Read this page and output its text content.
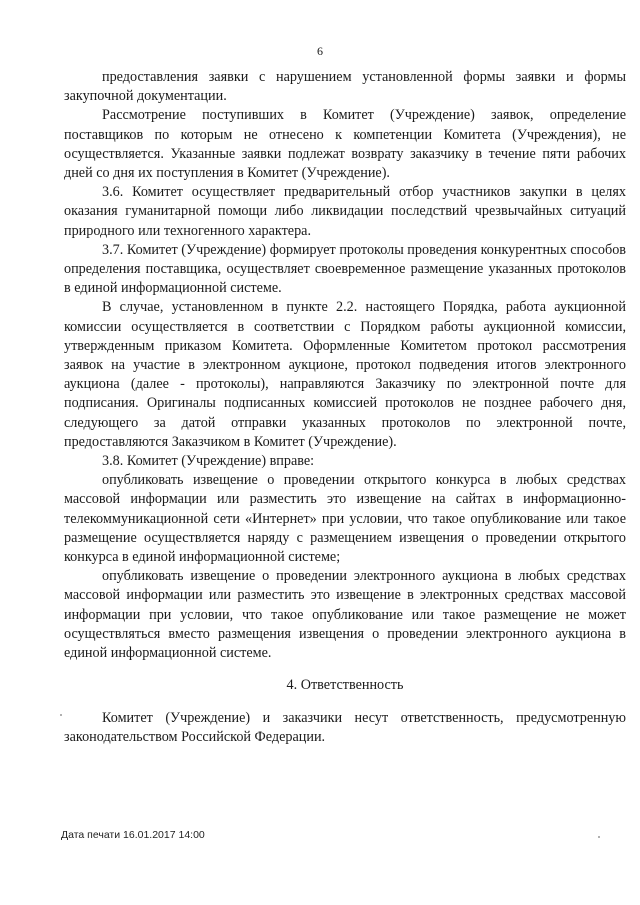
6

предоставления заявки с нарушением установленной формы заявки и формы закупочной документации.

Рассмотрение поступивших в Комитет (Учреждение) заявок, определение поставщиков по которым не отнесено к компетенции Комитета (Учреждения), не осуществляется. Указанные заявки подлежат возврату заказчику в течение пяти рабочих дней со дня их поступления в Комитет (Учреждение).

3.6. Комитет осуществляет предварительный отбор участников закупки в целях оказания гуманитарной помощи либо ликвидации последствий чрезвычайных ситуаций природного или техногенного характера.

3.7. Комитет (Учреждение) формирует протоколы проведения конкурентных способов определения поставщика, осуществляет своевременное размещение указанных протоколов в единой информационной системе.

В случае, установленном в пункте 2.2. настоящего Порядка, работа аукционной комиссии осуществляется в соответствии с Порядком работы аукционной комиссии, утвержденным приказом Комитета. Оформленные Комитетом протокол рассмотрения заявок на участие в электронном аукционе, протокол подведения итогов электронного аукциона (далее - протоколы), направляются Заказчику по электронной почте для подписания. Оригиналы подписанных комиссией протоколов не позднее рабочего дня, следующего за датой отправки указанных протоколов по электронной почте, предоставляются Заказчиком в Комитет (Учреждение).

3.8. Комитет (Учреждение) вправе:

опубликовать извещение о проведении открытого конкурса в любых средствах массовой информации или разместить это извещение на сайтах в информационно-телекоммуникационной сети «Интернет» при условии, что такое опубликование или такое размещение осуществляется наряду с размещением извещения о проведении открытого конкурса в единой информационной системе;

опубликовать извещение о проведении электронного аукциона в любых средствах массовой информации или разместить это извещение в электронных средствах массовой информации при условии, что такое опубликование или такое размещение не может осуществляться вместо размещения извещения о проведении электронного аукциона в единой информационной системе.

4. Ответственность

Комитет (Учреждение) и заказчики несут ответственность, предусмотренную законодательством Российской Федерации.

Дата печати 16.01.2017 14:00
